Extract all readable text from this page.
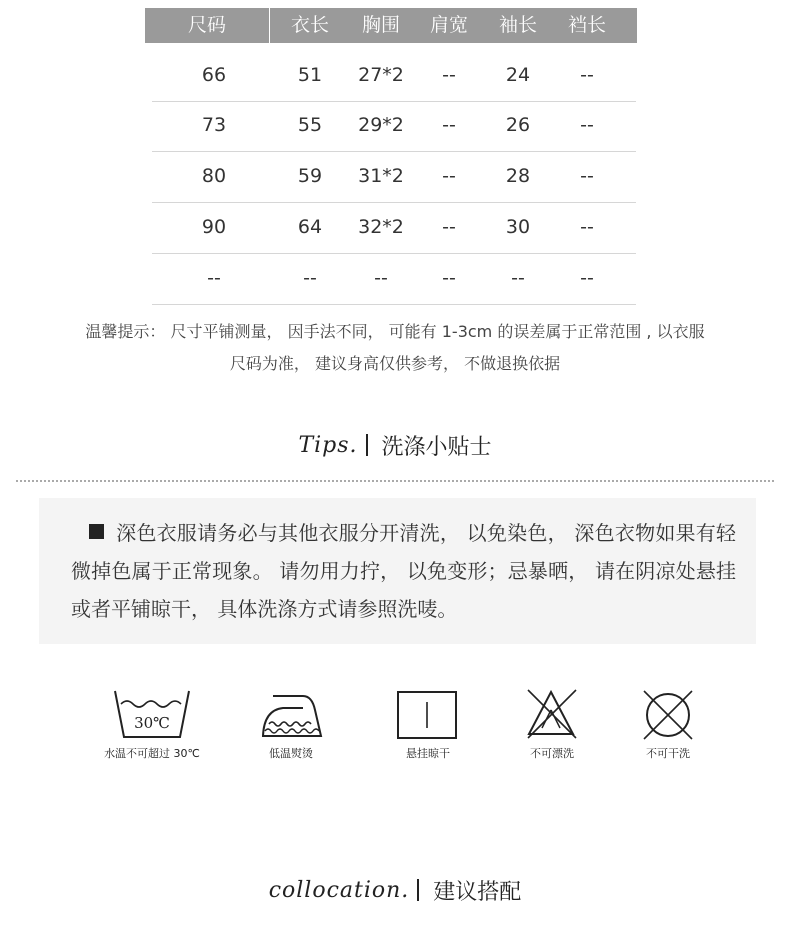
尺码	衣长	胸围	肩宽	袖长	裆长
66	51	27*2	--	24	--
73	55	29*2	--	26	--
80	59	31*2	--	28	--
90	64	32*2	--	30	--
--	--	--	--	--	--
温馨提示： 尺寸平铺测量， 因手法不同， 可能有 1-3cm 的误差属于正常范围 , 以衣服
尺码为准， 建议身高仅供参考， 不做退换依据
Tips. 洗涤小贴士
深色衣服请务必与其他衣服分开清洗， 以免染色， 深色衣物如果有轻微掉色属于正常现象。 请勿用力拧， 以免变形；忌暴晒， 请在阴凉处悬挂或者平铺晾干， 具体洗涤方式请参照洗唛。
30℃
水温不可超过 30℃	低温熨烫	悬挂晾干	不可漂洗	不可干洗
collocation. 建议搭配
